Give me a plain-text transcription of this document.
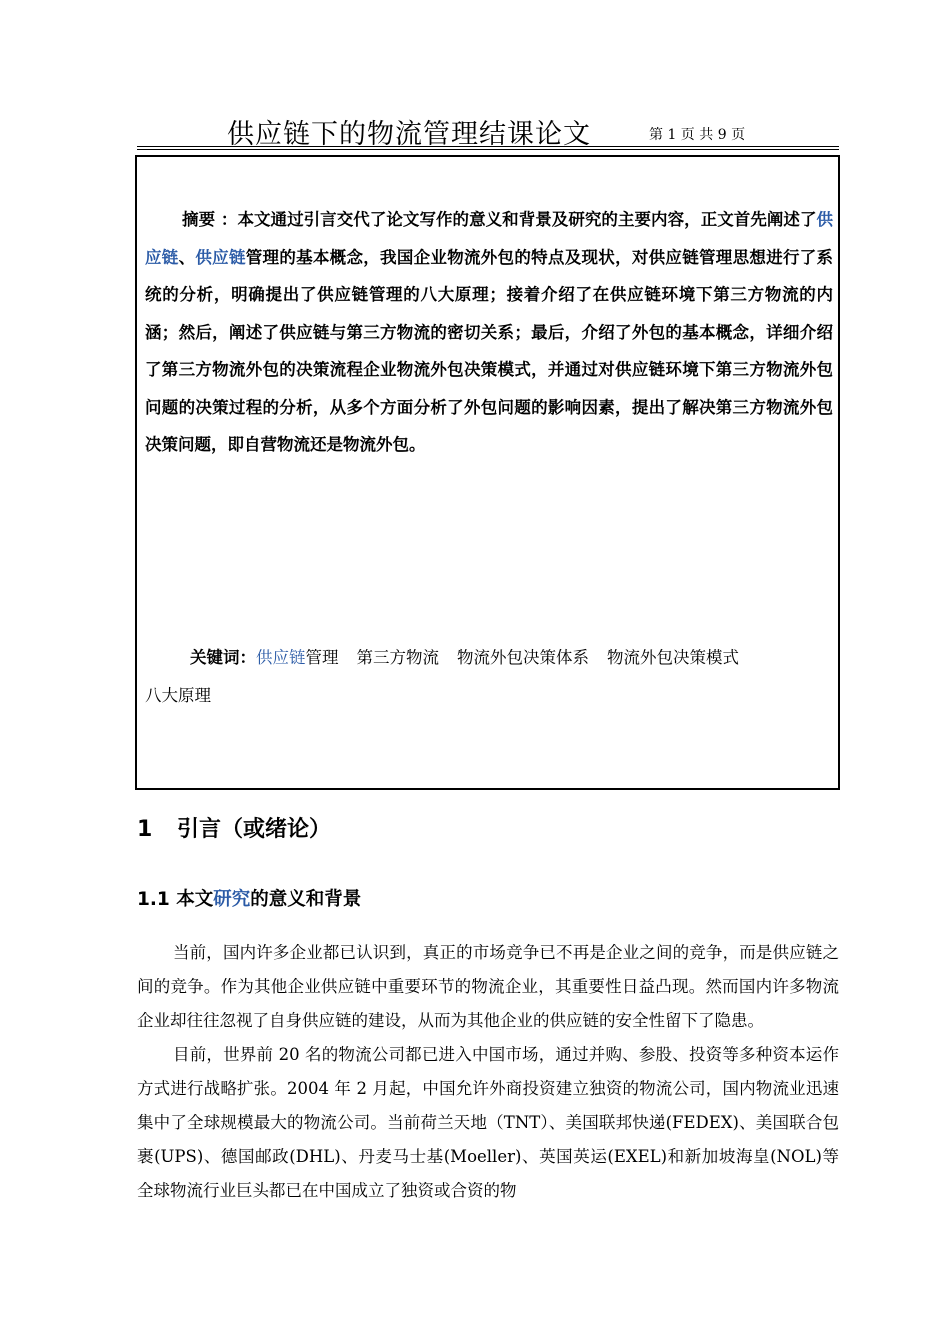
供应链下的物流管理结课论文	第 1 页 共 9 页
摘要 ：本文通过引言交代了论文写作的意义和背景及研究的主要内容，正文首先阐述了供应链、供应链管理的基本概念，我国企业物流外包的特点及现状，对供应链管理思想进行了系统的分析，明确提出了供应链管理的八大原理；接着介绍了在供应链环境下第三方物流的内涵；然后，阐述了供应链与第三方物流的密切关系；最后，介绍了外包的基本概念，详细介绍了第三方物流外包的决策流程企业物流外包决策模式，并通过对供应链环境下第三方物流外包问题的决策过程的分析，从多个方面分析了外包问题的影响因素，提出了解决第三方物流外包决策问题，即自营物流还是物流外包。
关键词：供应链管理 第三方物流 物流外包决策体系 物流外包决策模式
八大原理
1 引言（或绪论）
1.1 本文研究的意义和背景

当前，国内许多企业都已认识到，真正的市场竞争已不再是企业之间的竞争，而是供应链之间的竞争。作为其他企业供应链中重要环节的物流企业，其重要性日益凸现。然而国内许多物流企业却往往忽视了自身供应链的建设，从而为其他企业的供应链的安全性留下了隐患。

目前，世界前 20 名的物流公司都已进入中国市场，通过并购、参股、投资等多种资本运作方式进行战略扩张。2004 年 2 月起，中国允许外商投资建立独资的物流公司，国内物流业迅速集中了全球规模最大的物流公司。当前荷兰天地（TNT）、美国联邦快递(FEDEX)、美国联合包裹(UPS)、德国邮政(DHL)、丹麦马士基(Moeller)、英国英运(EXEL)和新加坡海皇(NOL)等全球物流行业巨头都已在中国成立了独资或合资的物
